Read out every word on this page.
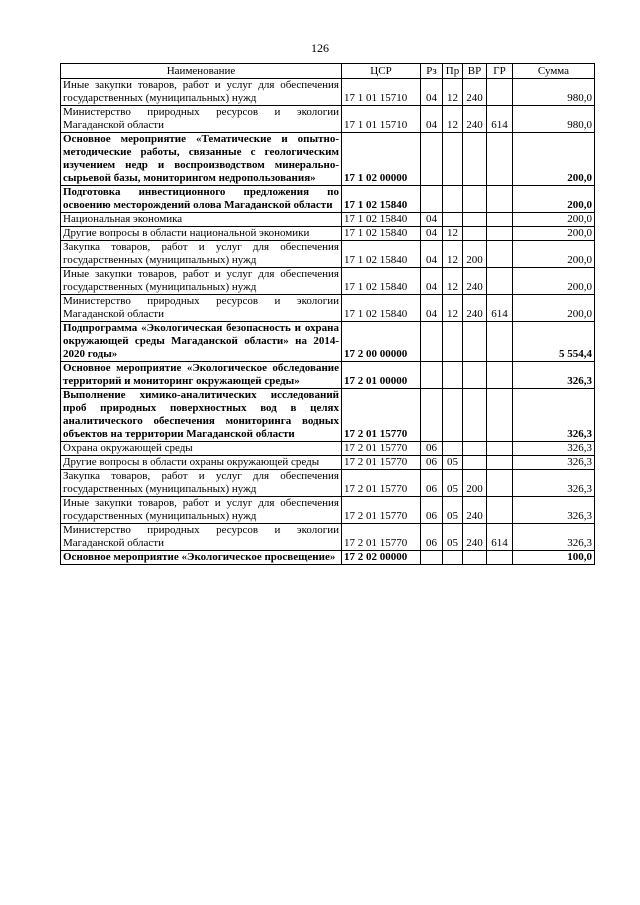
126
Наименование	ЦСР	Рз	Пр	ВР	ГР	Сумма
Иные закупки товаров, работ и услуг для обеспечения государственных (муниципальных) нужд	17 1 01 15710	04	12	240		980,0
Министерство природных ресурсов и экологии Магаданской области	17 1 01 15710	04	12	240	614	980,0
Основное мероприятие «Тематические и опытно-методические работы, связанные с геологическим изучением недр и воспроизводством минерально-сырьевой базы, мониторингом недропользования»	17 1 02 00000					200,0
Подготовка инвестиционного предложения по освоению месторождений олова Магаданской области	17 1 02 15840					200,0
Национальная экономика	17 1 02 15840	04				200,0
Другие вопросы в области национальной экономики	17 1 02 15840	04	12			200,0
Закупка товаров, работ и услуг для обеспечения государственных (муниципальных) нужд	17 1 02 15840	04	12	200		200,0
Иные закупки товаров, работ и услуг для обеспечения государственных (муниципальных) нужд	17 1 02 15840	04	12	240		200,0
Министерство природных ресурсов и экологии Магаданской области	17 1 02 15840	04	12	240	614	200,0
Подпрограмма «Экологическая безопасность и охрана окружающей среды Магаданской области» на 2014-2020 годы»	17 2 00 00000					5 554,4
Основное мероприятие «Экологическое обследование территорий и мониторинг окружающей среды»	17 2 01 00000					326,3
Выполнение химико-аналитических исследований проб природных поверхностных вод в целях аналитического обеспечения мониторинга водных объектов на территории Магаданской области	17 2 01 15770					326,3
Охрана окружающей среды	17 2 01 15770	06				326,3
Другие вопросы в области охраны окружающей среды	17 2 01 15770	06	05			326,3
Закупка товаров, работ и услуг для обеспечения государственных (муниципальных) нужд	17 2 01 15770	06	05	200		326,3
Иные закупки товаров, работ и услуг для обеспечения государственных (муниципальных) нужд	17 2 01 15770	06	05	240		326,3
Министерство природных ресурсов и экологии Магаданской области	17 2 01 15770	06	05	240	614	326,3
Основное мероприятие «Экологическое просвещение»	17 2 02 00000					100,0
